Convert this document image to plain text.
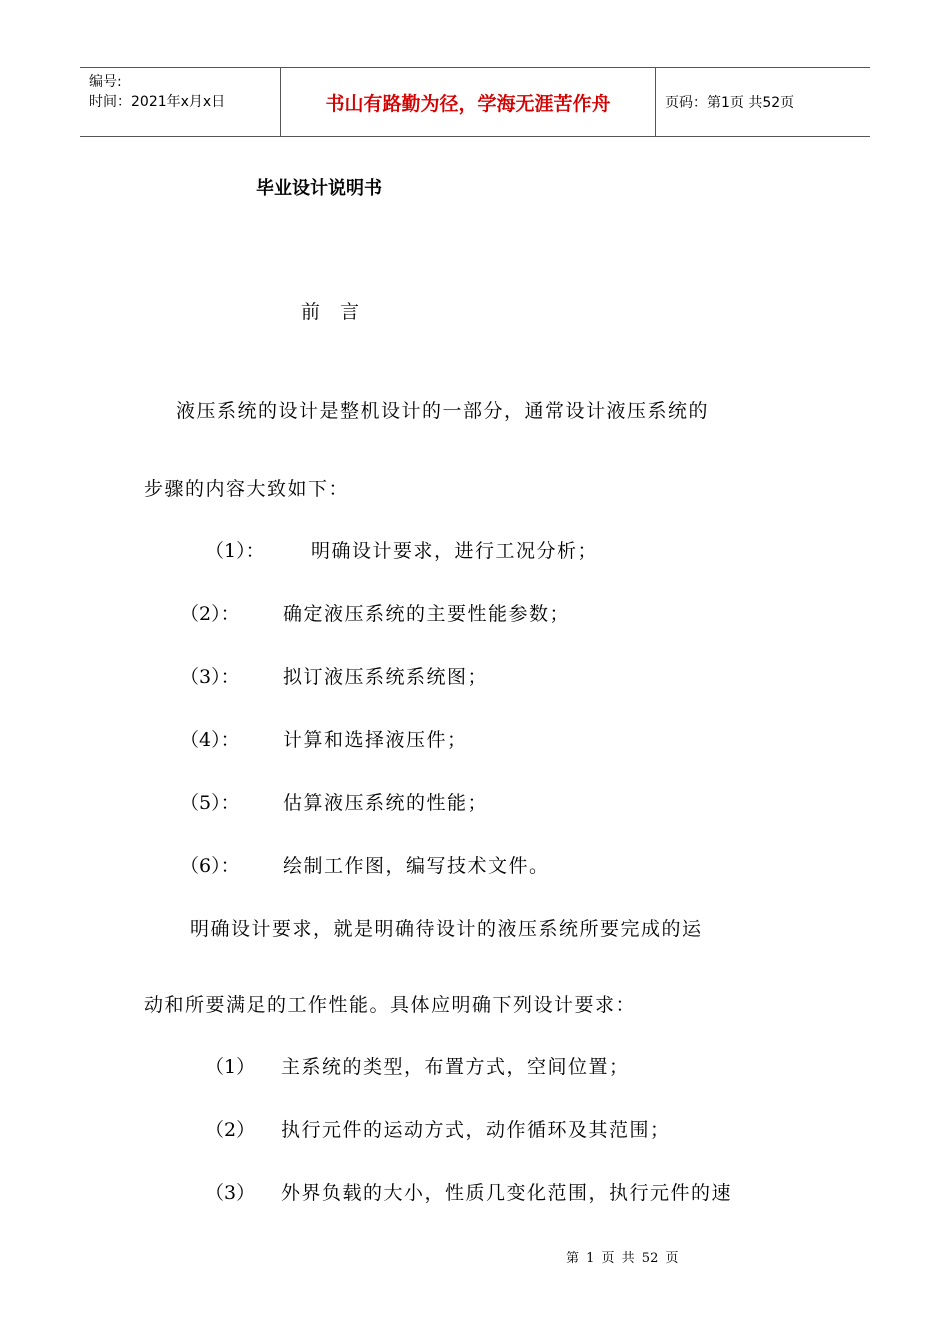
编号:
时间：2021年x月x日	书山有路勤为径，学海无涯苦作舟	页码：第1页 共52页
毕业设计说明书
前言
液压系统的设计是整机设计的一部分，通常设计液压系统的
步骤的内容大致如下：
（1）： 明确设计要求，进行工况分析；
（2）： 确定液压系统的主要性能参数；
（3）： 拟订液压系统系统图；
（4）： 计算和选择液压件；
（5）： 估算液压系统的性能；
（6）： 绘制工作图，编写技术文件。
明确设计要求，就是明确待设计的液压系统所要完成的运
动和所要满足的工作性能。具体应明确下列设计要求：
（1） 主系统的类型，布置方式，空间位置；
（2） 执行元件的运动方式，动作循环及其范围；
（3） 外界负载的大小，性质几变化范围，执行元件的速
第 1 页 共 52 页
